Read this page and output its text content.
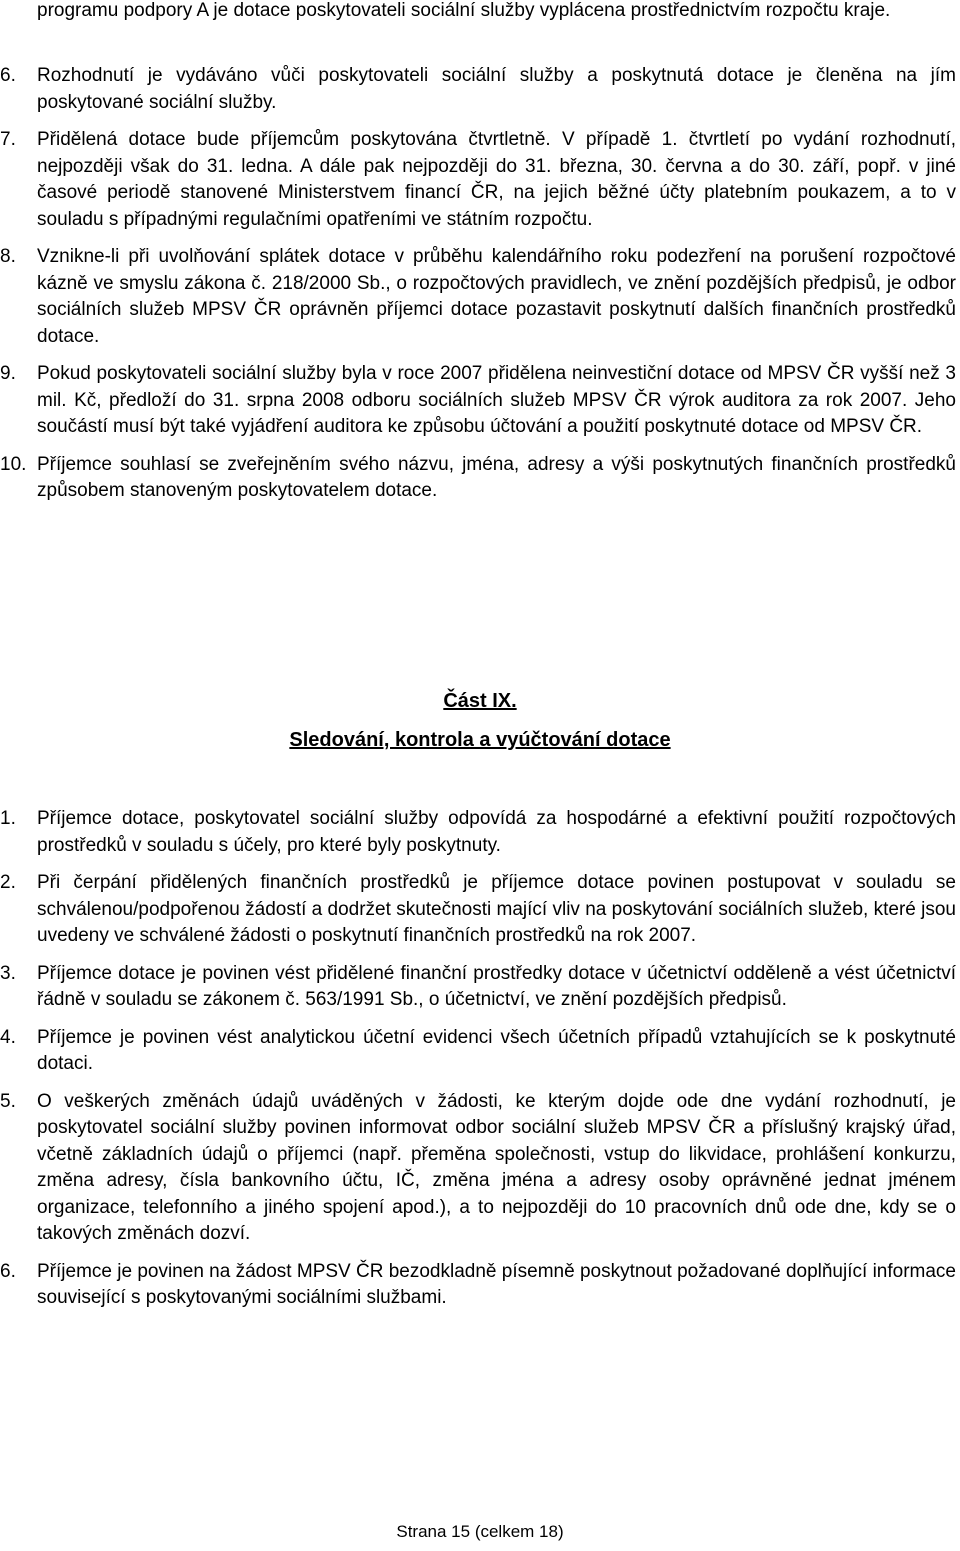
programu podpory A je dotace poskytovateli sociální služby vyplácena prostřednictvím rozpočtu kraje.

6. Rozhodnutí je vydáváno vůči poskytovateli sociální služby a poskytnutá dotace je členěna na jím poskytované sociální služby.
7. Přidělená dotace bude příjemcům poskytována čtvrtletně. V případě 1. čtvrtletí po vydání rozhodnutí, nejpozději však do 31. ledna. A dále pak nejpozději do 31. března, 30. června a do 30. září, popř. v jiné časové periodě stanovené Ministerstvem financí ČR, na jejich běžné účty platebním poukazem, a to v souladu s případnými regulačními opatřeními ve státním rozpočtu.
8. Vznikne-li při uvolňování splátek dotace v průběhu kalendářního roku podezření na porušení rozpočtové kázně ve smyslu zákona č. 218/2000 Sb., o rozpočtových pravidlech, ve znění pozdějších předpisů, je odbor sociálních služeb MPSV ČR oprávněn příjemci dotace pozastavit poskytnutí dalších finančních prostředků dotace.
9. Pokud poskytovateli sociální služby byla v roce 2007 přidělena neinvestiční dotace od MPSV ČR vyšší než 3 mil. Kč, předloží do 31. srpna 2008 odboru sociálních služeb MPSV ČR výrok auditora za rok 2007. Jeho součástí musí být také vyjádření auditora ke způsobu účtování a použití poskytnuté dotace od MPSV ČR.
10. Příjemce souhlasí se zveřejněním svého názvu, jména, adresy a výši poskytnutých finančních prostředků způsobem stanoveným poskytovatelem dotace.
Část IX.
Sledování, kontrola a vyúčtování dotace
1. Příjemce dotace, poskytovatel sociální služby odpovídá za hospodárné a efektivní použití rozpočtových prostředků v souladu s účely, pro které byly poskytnuty.
2. Při čerpání přidělených finančních prostředků je příjemce dotace povinen postupovat v souladu se schválenou/podpořenou žádostí a dodržet skutečnosti mající vliv na poskytování sociálních služeb, které jsou uvedeny ve schválené žádosti o poskytnutí finančních prostředků na rok 2007.
3. Příjemce dotace je povinen vést přidělené finanční prostředky dotace v účetnictví odděleně a vést účetnictví řádně v souladu se zákonem č. 563/1991 Sb., o účetnictví, ve znění pozdějších předpisů.
4. Příjemce je povinen vést analytickou účetní evidenci všech účetních případů vztahujících se k poskytnuté dotaci.
5. O veškerých změnách údajů uváděných v žádosti, ke kterým dojde ode dne vydání rozhodnutí, je poskytovatel sociální služby povinen informovat odbor sociální služeb MPSV ČR a příslušný krajský úřad, včetně základních údajů o příjemci (např. přeměna společnosti, vstup do likvidace, prohlášení konkurzu, změna adresy, čísla bankovního účtu, IČ, změna jména a adresy osoby oprávněné jednat jménem organizace, telefonního a jiného spojení apod.), a to nejpozději do 10 pracovních dnů ode dne, kdy se o takových změnách dozví.
6. Příjemce je povinen na žádost MPSV ČR bezodkladně písemně poskytnout požadované doplňující informace související s poskytovanými sociálními službami.
Strana 15 (celkem 18)
